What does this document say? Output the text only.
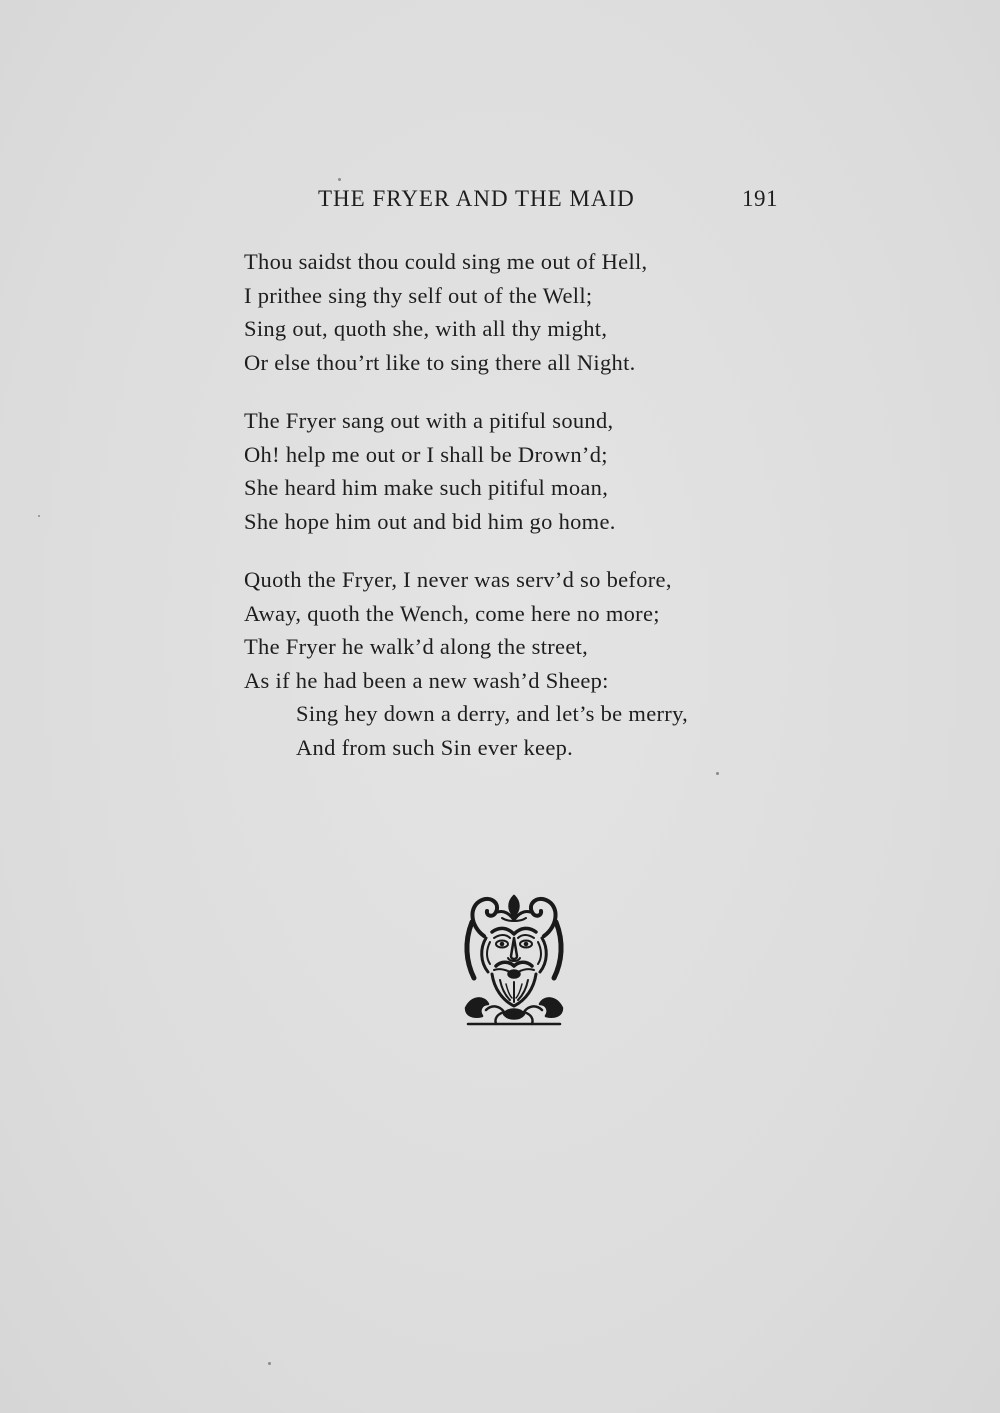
THE FRYER AND THE MAID	191
Thou saidst thou could sing me out of Hell,
I prithee sing thy self out of the Well;
Sing out, quoth she, with all thy might,
Or else thou’rt like to sing there all Night.
The Fryer sang out with a pitiful sound,
Oh! help me out or I shall be Drown’d;
She heard him make such pitiful moan,
She hope him out and bid him go home.
Quoth the Fryer, I never was serv’d so before,
Away, quoth the Wench, come here no more;
The Fryer he walk’d along the street,
As if he had been a new wash’d Sheep:
Sing hey down a derry, and let’s be merry,
And from such Sin ever keep.
